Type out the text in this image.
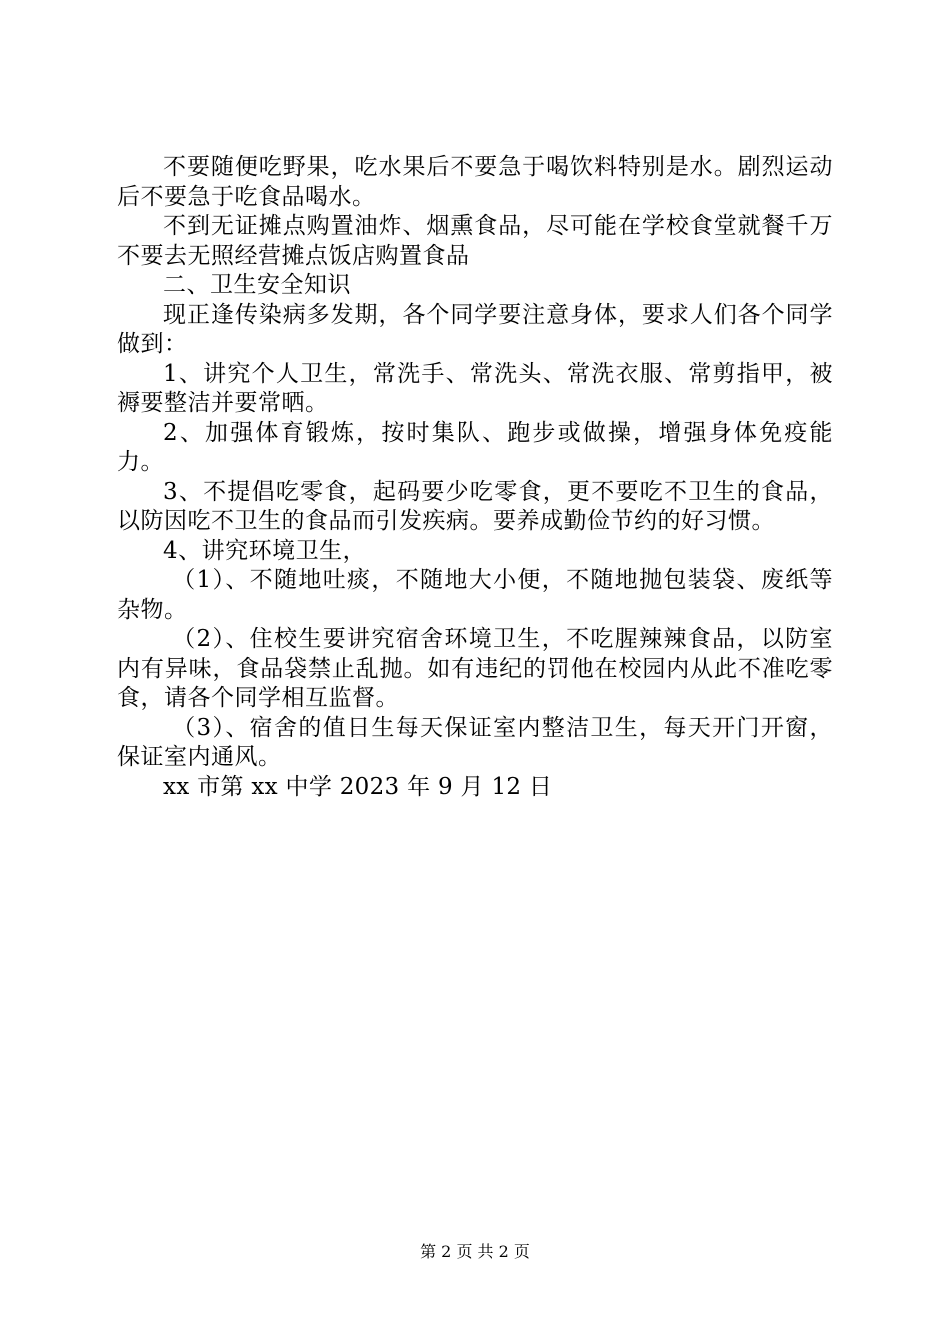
不要随便吃野果，吃水果后不要急于喝饮料特别是水。剧烈运动后不要急于吃食品喝水。

不到无证摊点购置油炸、烟熏食品，尽可能在学校食堂就餐千万不要去无照经营摊点饭店购置食品

二、卫生安全知识

现正逢传染病多发期，各个同学要注意身体，要求人们各个同学做到：

1、讲究个人卫生，常洗手、常洗头、常洗衣服、常剪指甲，被褥要整洁并要常晒。

2、加强体育锻炼，按时集队、跑步或做操，增强身体免疫能力。

3、不提倡吃零食，起码要少吃零食，更不要吃不卫生的食品，以防因吃不卫生的食品而引发疾病。要养成勤俭节约的好习惯。

4、讲究环境卫生，

（1）、不随地吐痰，不随地大小便，不随地抛包装袋、废纸等杂物。

（2）、住校生要讲究宿舍环境卫生，不吃腥辣辣食品，以防室内有异味，食品袋禁止乱抛。如有违纪的罚他在校园内从此不准吃零食，请各个同学相互监督。

（3）、宿舍的值日生每天保证室内整洁卫生，每天开门开窗，保证室内通风。

xx 市第 xx 中学 2023 年 9 月 12 日

第 2 页 共 2 页
